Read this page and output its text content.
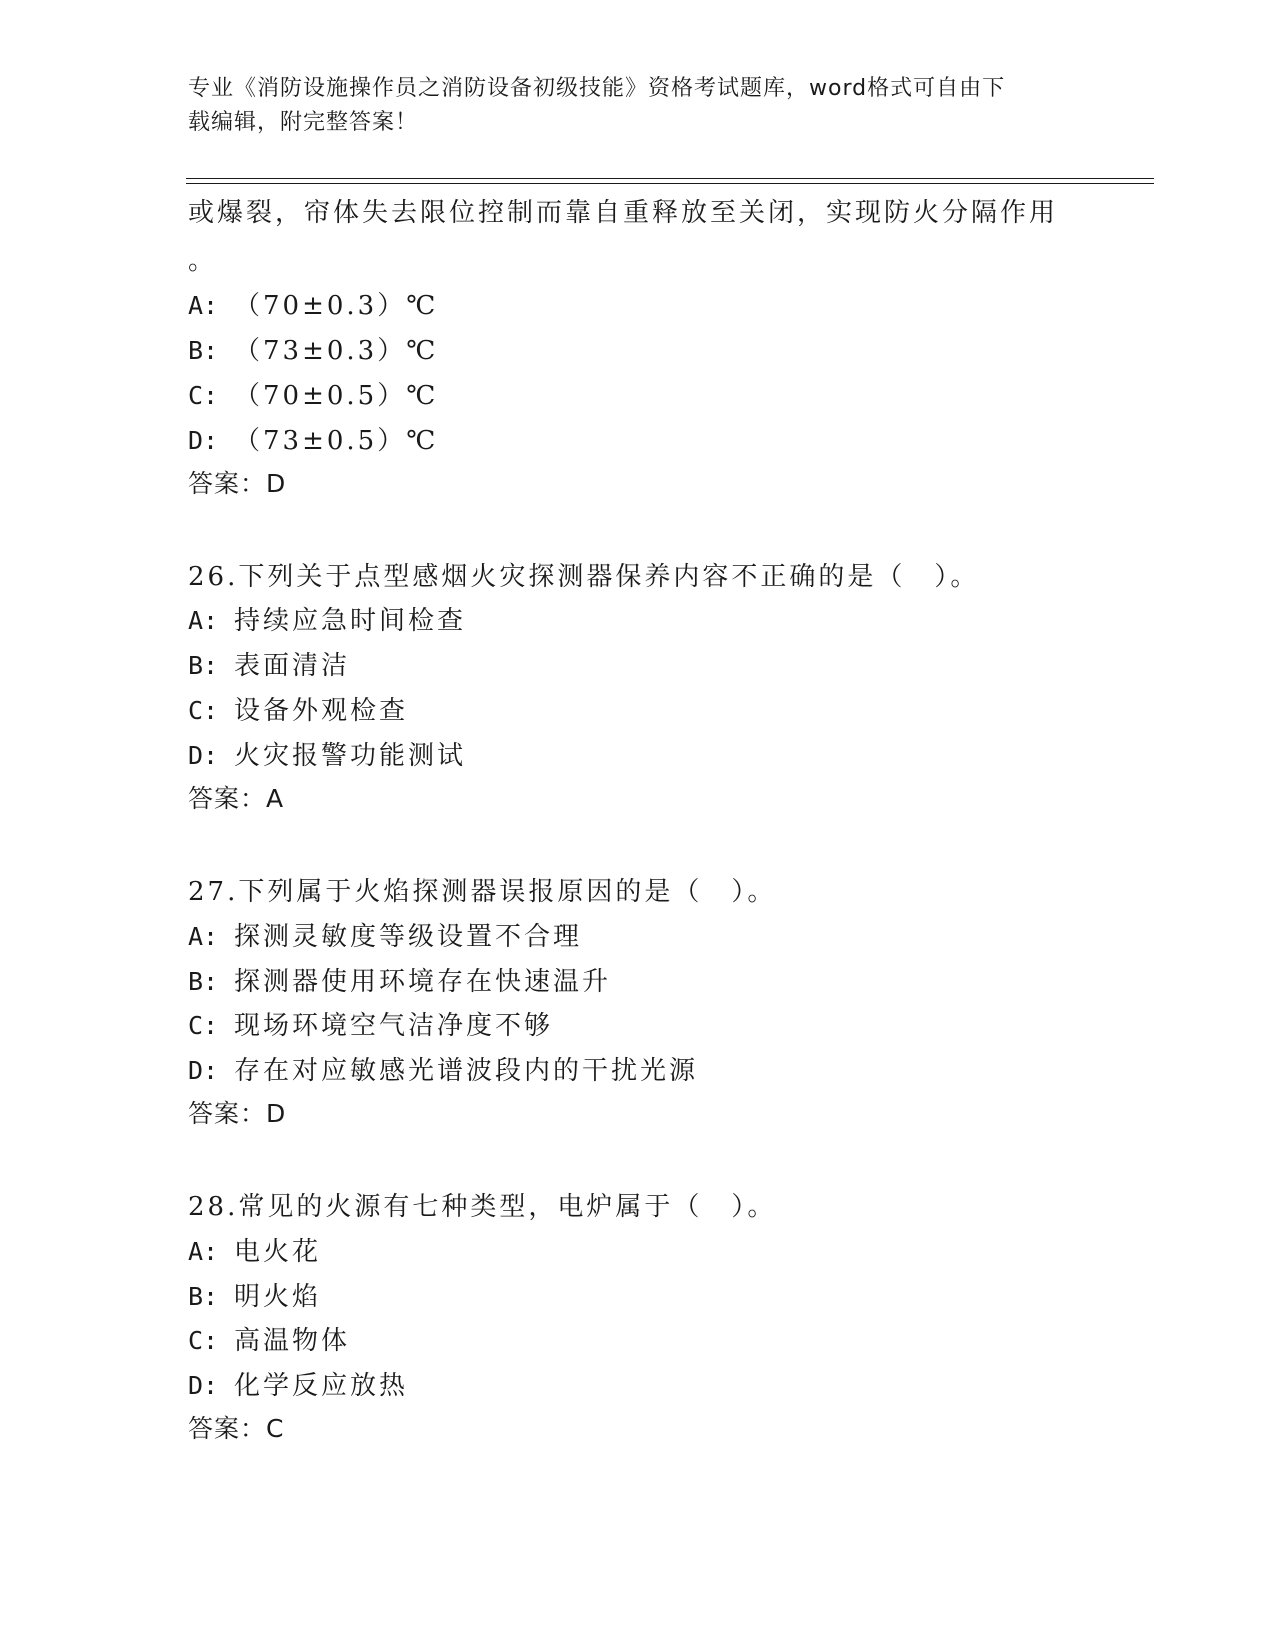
专业《消防设施操作员之消防设备初级技能》资格考试题库，word格式可自由下
载编辑，附完整答案！
或爆裂，帘体失去限位控制而靠自重释放至关闭，实现防火分隔作用
。
A: （70±0.3）℃
B: （73±0.3）℃
C: （70±0.5）℃
D: （73±0.5）℃
答案：D
26.下列关于点型感烟火灾探测器保养内容不正确的是（　）。
A: 持续应急时间检查
B: 表面清洁
C: 设备外观检查
D: 火灾报警功能测试
答案：A
27.下列属于火焰探测器误报原因的是（　）。
A: 探测灵敏度等级设置不合理
B: 探测器使用环境存在快速温升
C: 现场环境空气洁净度不够
D: 存在对应敏感光谱波段内的干扰光源
答案：D
28.常见的火源有七种类型，电炉属于（　）。
A: 电火花
B: 明火焰
C: 高温物体
D: 化学反应放热
答案：C
